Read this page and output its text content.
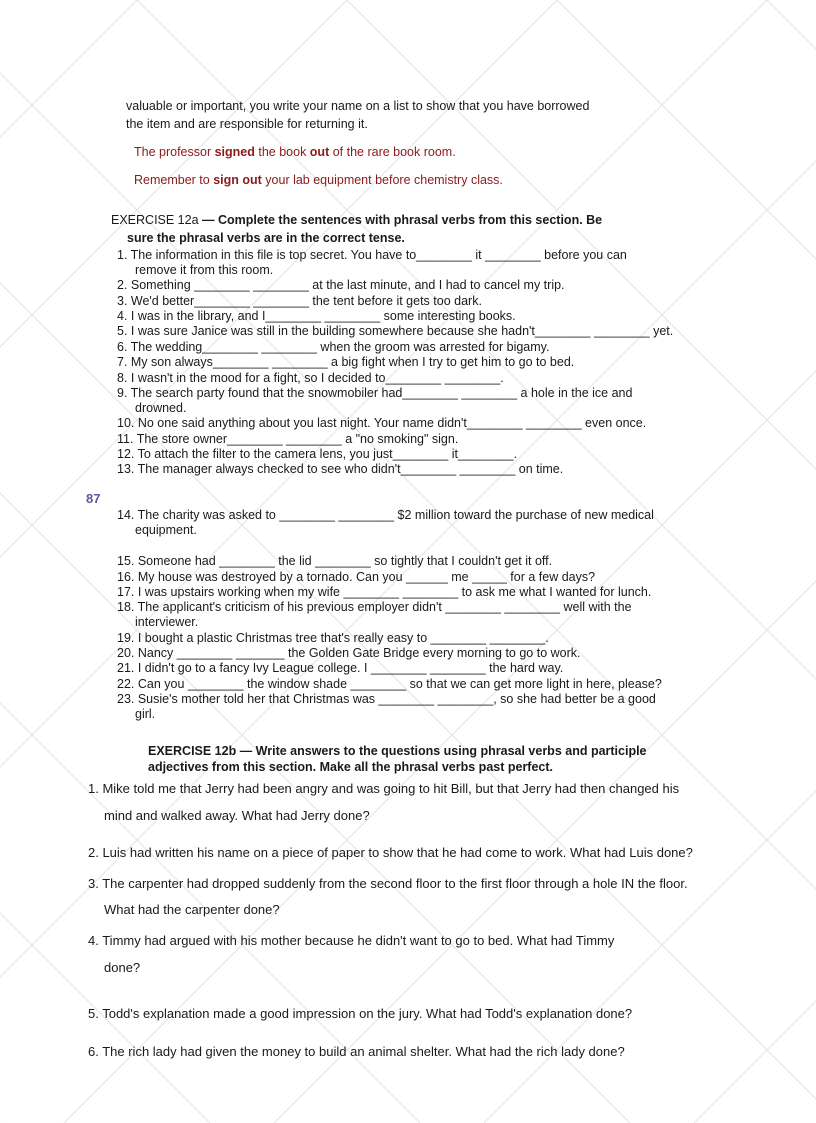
valuable or important, you write your name on a list to show that you have borrowed
the item and are responsible for returning it.
The professor signed the book out of the rare book room.
Remember to sign out your lab equipment before chemistry class.
EXERCISE 12a — Complete the sentences with phrasal verbs from this section. Be
sure the phrasal verbs are in the correct tense.
1. The information in this file is top secret. You have to________ it ________ before you can
remove it from this room.
2. Something ________ ________ at the last minute, and I had to cancel my trip.
3. We'd better________ ________ the tent before it gets too dark.
4. I was in the library, and I________ ________ some interesting books.
5. I was sure Janice was still in the building somewhere because she hadn't________ ________ yet.
6. The wedding________ ________ when the groom was arrested for bigamy.
7. My son always________ ________ a big fight when I try to get him to go to bed.
8. I wasn't in the mood for a fight, so I decided to________ ________.
9. The search party found that the snowmobiler had________ ________ a hole in the ice and
drowned.
10. No one said anything about you last night. Your name didn't________ ________ even once.
11. The store owner________ ________ a "no smoking" sign.
12. To attach the filter to the camera lens, you just________ it________.
13. The manager always checked to see who didn't________ ________ on time.
87
14. The charity was asked to ________ ________ $2 million toward the purchase of new medical
equipment.
15. Someone had ________ the lid ________ so tightly that I couldn't get it off.
16. My house was destroyed by a tornado. Can you ______ me _____ for a few days?
17. I was upstairs working when my wife ________ ________ to ask me what I wanted for lunch.
18. The applicant's criticism of his previous employer didn't ________ ________ well with the
interviewer.
19. I bought a plastic Christmas tree that's really easy to ________ ________.
20. Nancy ________ _______ the Golden Gate Bridge every morning to go to work.
21. I didn't go to a fancy Ivy League college. I ________ ________ the hard way.
22. Can you ________ the window shade ________ so that we can get more light in here, please?
23. Susie's mother told her that Christmas was ________ ________, so she had better be a good
girl.
EXERCISE 12b — Write answers to the questions using phrasal verbs and participle
adjectives from this section. Make all the phrasal verbs past perfect.
1. Mike told me that Jerry had been angry and was going to hit Bill, but that Jerry had then changed his
mind and walked away. What had Jerry done?
2. Luis had written his name on a piece of paper to show that he had come to work. What had Luis done?
3. The carpenter had dropped suddenly from the second floor to the first floor through a hole IN the floor.
What had the carpenter done?
4. Timmy had argued with his mother because he didn't want to go to bed. What had Timmy
done?
5. Todd's explanation made a good impression on the jury. What had Todd's explanation done?
6. The rich lady had given the money to build an animal shelter. What had the rich lady done?
